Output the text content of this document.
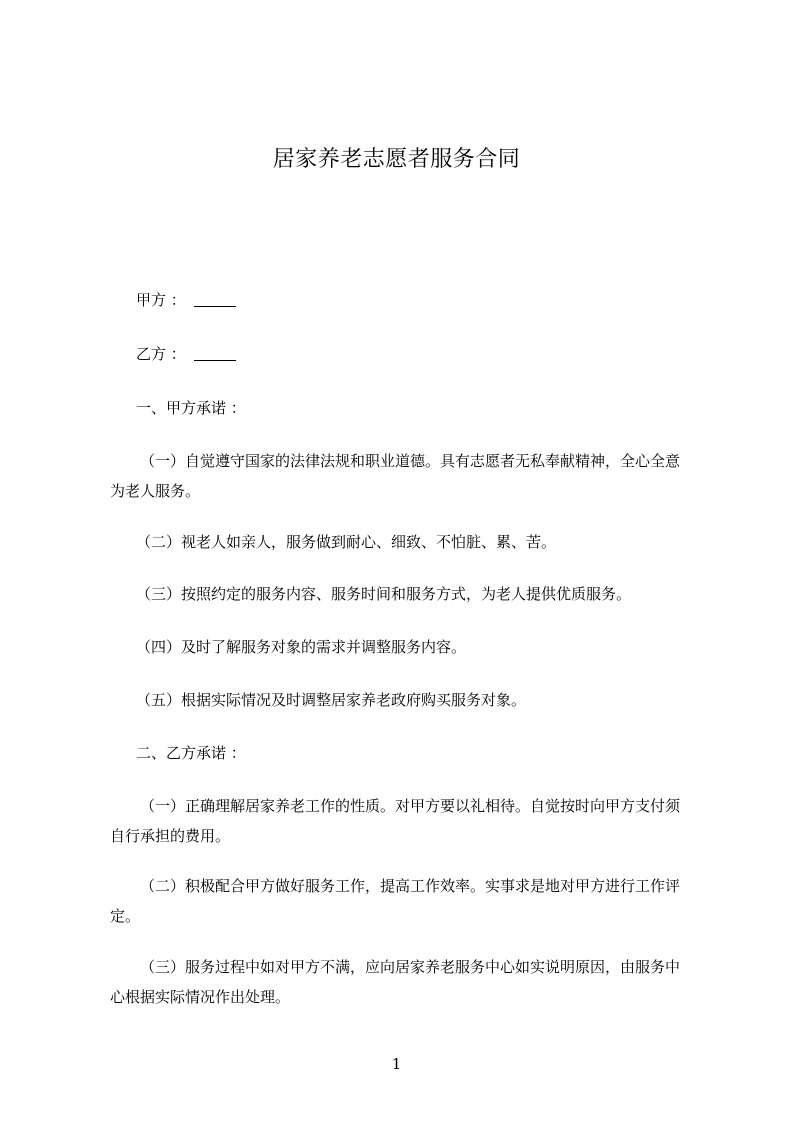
居家养老志愿者服务合同
甲方 ：
乙方 ：
一、甲方承诺 ：
（一）自觉遵守国家的法律法规和职业道德。具有志愿者无私奉献精神，全心全意
为老人服务。
（二）视老人如亲人，服务做到耐心、细致、不怕脏、累、苦。
（三）按照约定的服务内容、服务时间和服务方式，为老人提供优质服务。
（四）及时了解服务对象的需求并调整服务内容。
（五）根据实际情况及时调整居家养老政府购买服务对象。
二、乙方承诺 ：
（一）正确理解居家养老工作的性质。对甲方要以礼相待。自觉按时向甲方支付须
自行承担的费用。
（二）积极配合甲方做好服务工作，提高工作效率。实事求是地对甲方进行工作评
定。
（三）服务过程中如对甲方不满，应向居家养老服务中心如实说明原因，由服务中
心根据实际情况作出处理。
1
